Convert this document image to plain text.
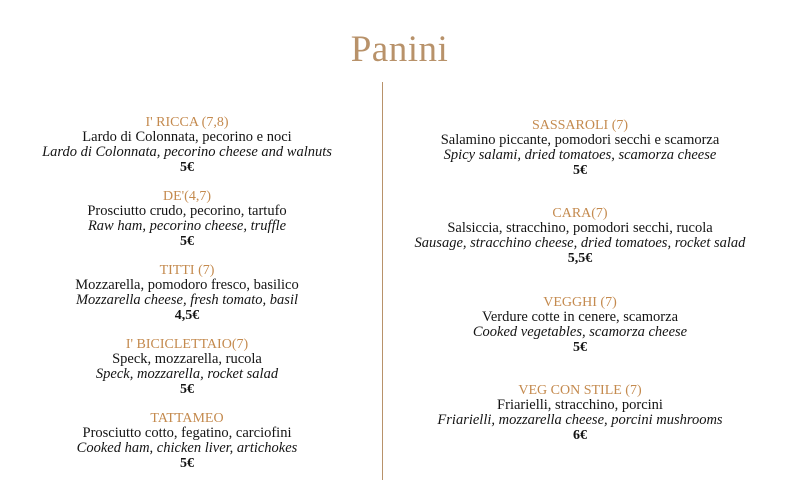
Panini
I' RICCA (7,8)
Lardo di Colonnata, pecorino e noci
Lardo di Colonnata, pecorino cheese and walnuts
5€
DE'(4,7)
Prosciutto crudo, pecorino, tartufo
Raw ham, pecorino cheese, truffle
5€
TITTI (7)
Mozzarella, pomodoro fresco, basilico
Mozzarella cheese, fresh tomato, basil
4,5€
I' BICICLETTAIO(7)
Speck, mozzarella, rucola
Speck, mozzarella, rocket salad
5€
TATTAMEO
Prosciutto cotto, fegatino, carciofini
Cooked ham, chicken liver, artichokes
5€
SASSAROLI (7)
Salamino piccante, pomodori secchi e scamorza
Spicy salami, dried tomatoes, scamorza cheese
5€
CARA(7)
Salsiccia, stracchino, pomodori secchi, rucola
Sausage, stracchino cheese, dried tomatoes, rocket salad
5,5€
VEGGHI (7)
Verdure cotte in cenere, scamorza
Cooked vegetables, scamorza cheese
5€
VEG CON STILE (7)
Friarielli, stracchino, porcini
Friarielli, mozzarella cheese, porcini mushrooms
6€
